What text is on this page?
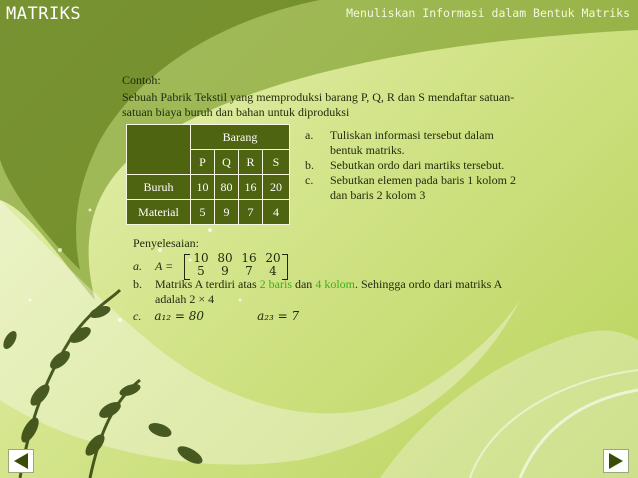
MATRIKS	Menuliskan Informasi dalam Bentuk Matriks
Contoh:
Sebuah Pabrik Tekstil yang memproduksi barang P, Q, R dan S mendaftar satuan-satuan biaya buruh dan bahan untuk diproduksi
	Barang			
	P	Q	R	S
Buruh	10	80	16	20
Material	5	9	7	4
a. Tuliskan informasi tersebut dalam bentuk matriks.
b. Sebutkan ordo dari martiks tersebut.
c. Sebutkan elemen pada baris 1 kolom 2 dan baris 2 kolom 3
Penyelesaian:
a. A =
10 80 16 20
5	9	7	4
b. Matriks A terdiri atas 2 baris dan 4 kolom. Sehingga ordo dari matriks A adalah 2 × 4
c. a₁₂ = 80	a₂₃ = 7
